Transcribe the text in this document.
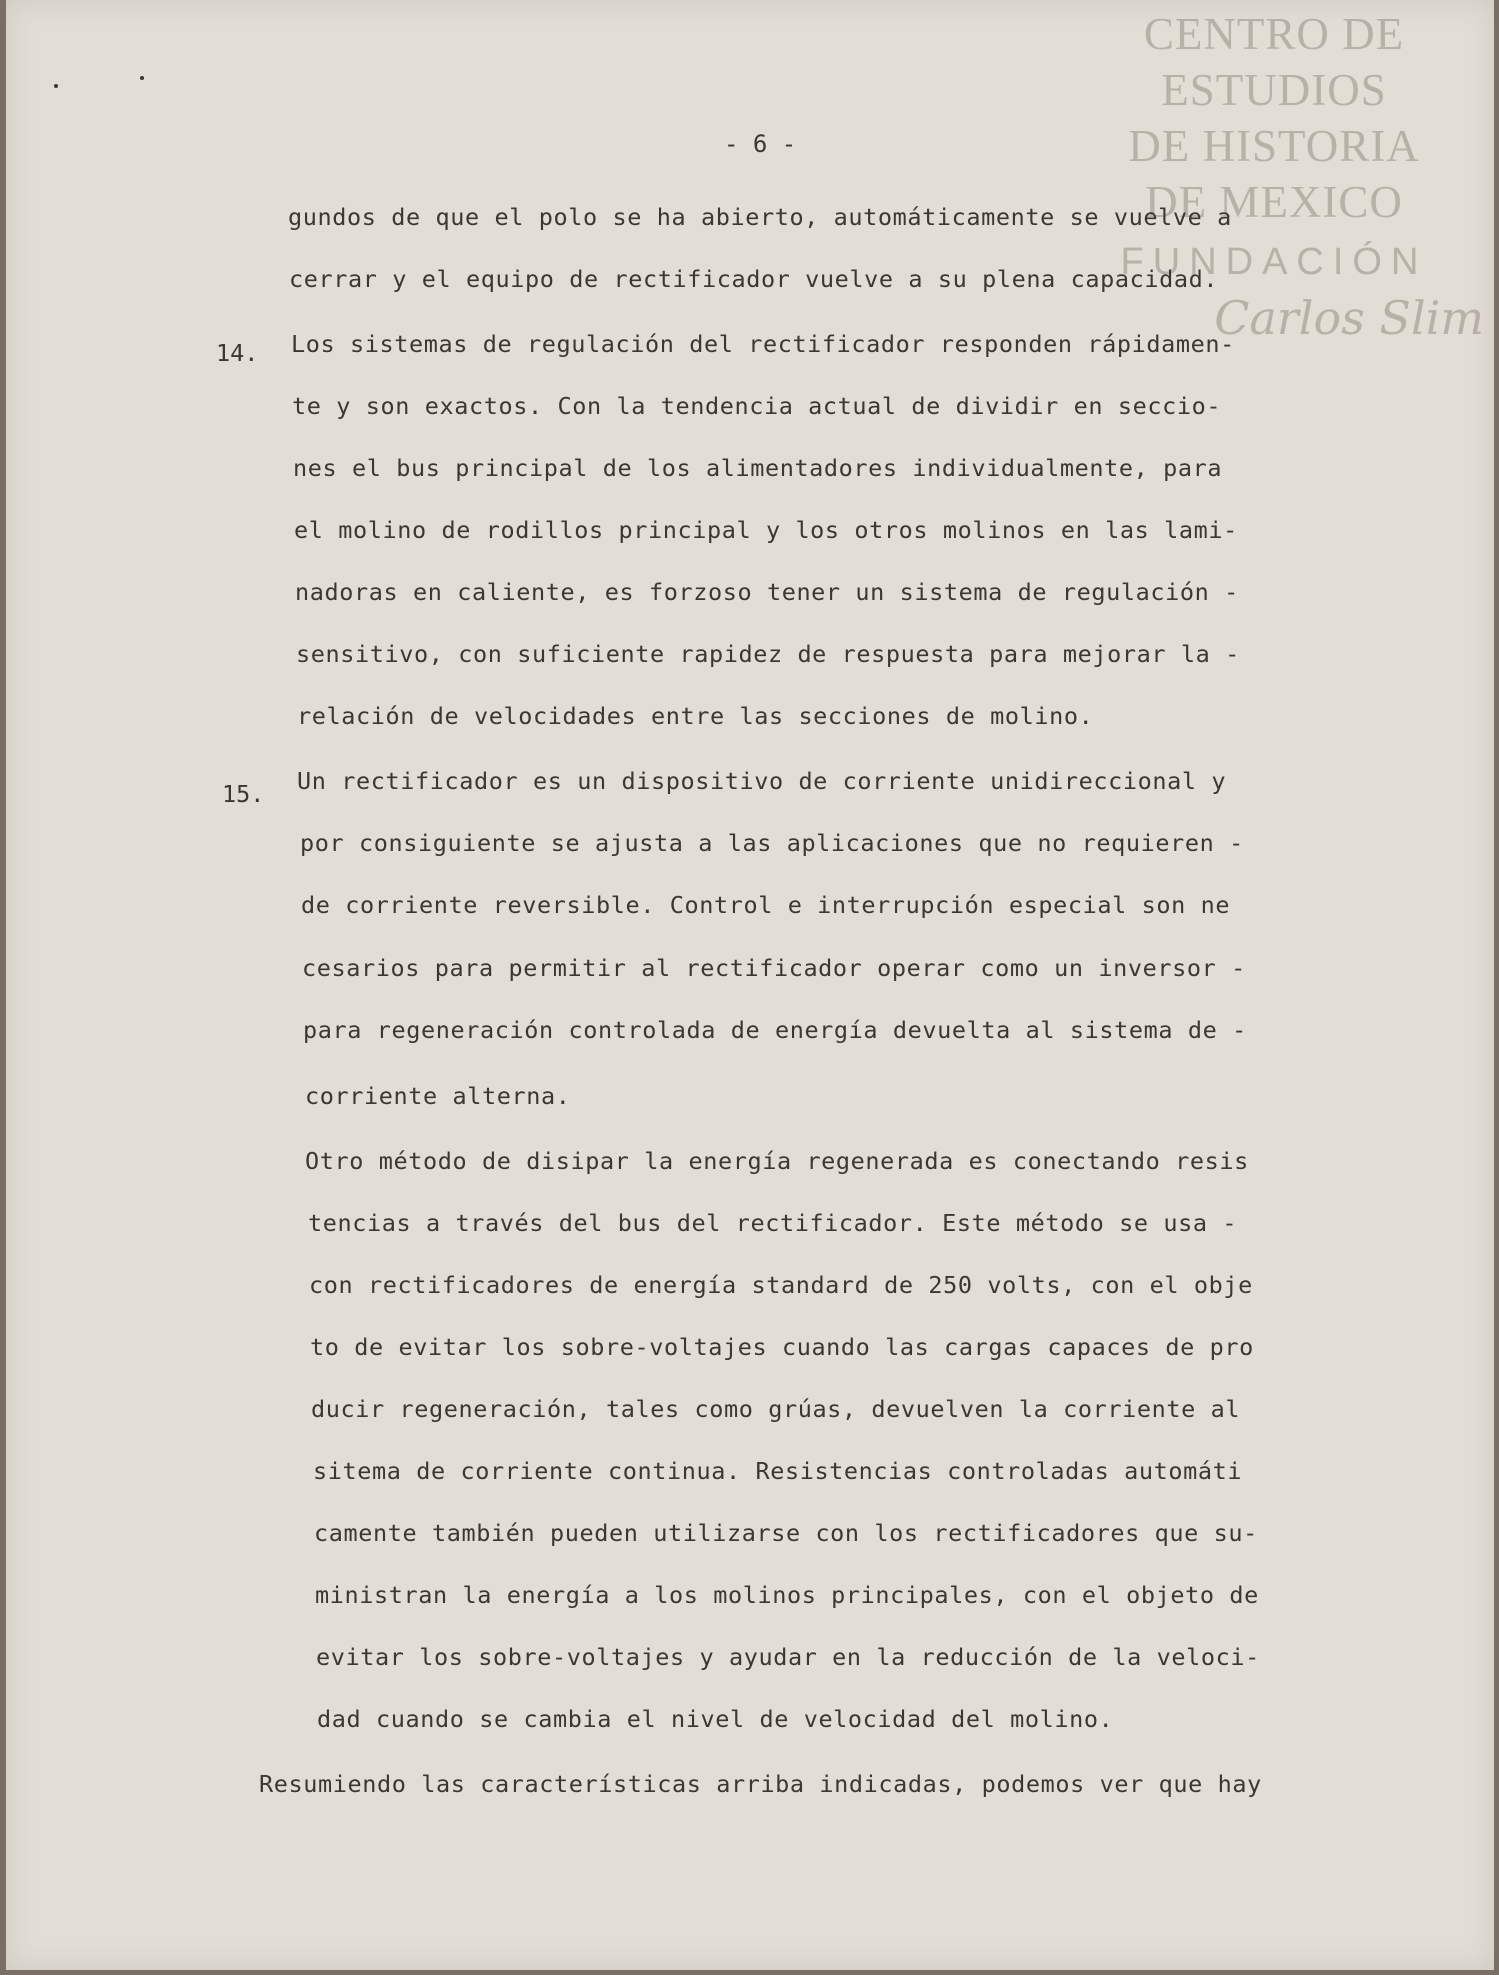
CENTRO DE
ESTUDIOS
DE HISTORIA
DE MEXICO
FUNDACIÓN
Carlos Slim
- 6 -
gundos de que el polo se ha abierto, automáticamente se vuelve a
cerrar y el equipo de rectificador vuelve a su plena capacidad.
14. Los sistemas de regulación del rectificador responden rápidamen-
te y son exactos. Con la tendencia actual de dividir en seccio-
nes el bus principal de los alimentadores individualmente, para
el molino de rodillos principal y los otros molinos en las lami-
nadoras en caliente, es forzoso tener un sistema de regulación -
sensitivo, con suficiente rapidez de respuesta para mejorar la -
relación de velocidades entre las secciones de molino.
15. Un rectificador es un dispositivo de corriente unidireccional y
por consiguiente se ajusta a las aplicaciones que no requieren -
de corriente reversible. Control e interrupción especial son ne
cesarios para permitir al rectificador operar como un inversor -
para regeneración controlada de energía devuelta al sistema de -
corriente alterna.
Otro método de disipar la energía regenerada es conectando resis
tencias a través del bus del rectificador. Este método se usa -
con rectificadores de energía standard de 250 volts, con el obje
to de evitar los sobre-voltajes cuando las cargas capaces de pro
ducir regeneración, tales como grúas, devuelven la corriente al
sitema de corriente continua. Resistencias controladas automáti
camente también pueden utilizarse con los rectificadores que su-
ministran la energía a los molinos principales, con el objeto de
evitar los sobre-voltajes y ayudar en la reducción de la veloci-
dad cuando se cambia el nivel de velocidad del molino.
Resumiendo las características arriba indicadas, podemos ver que hay
